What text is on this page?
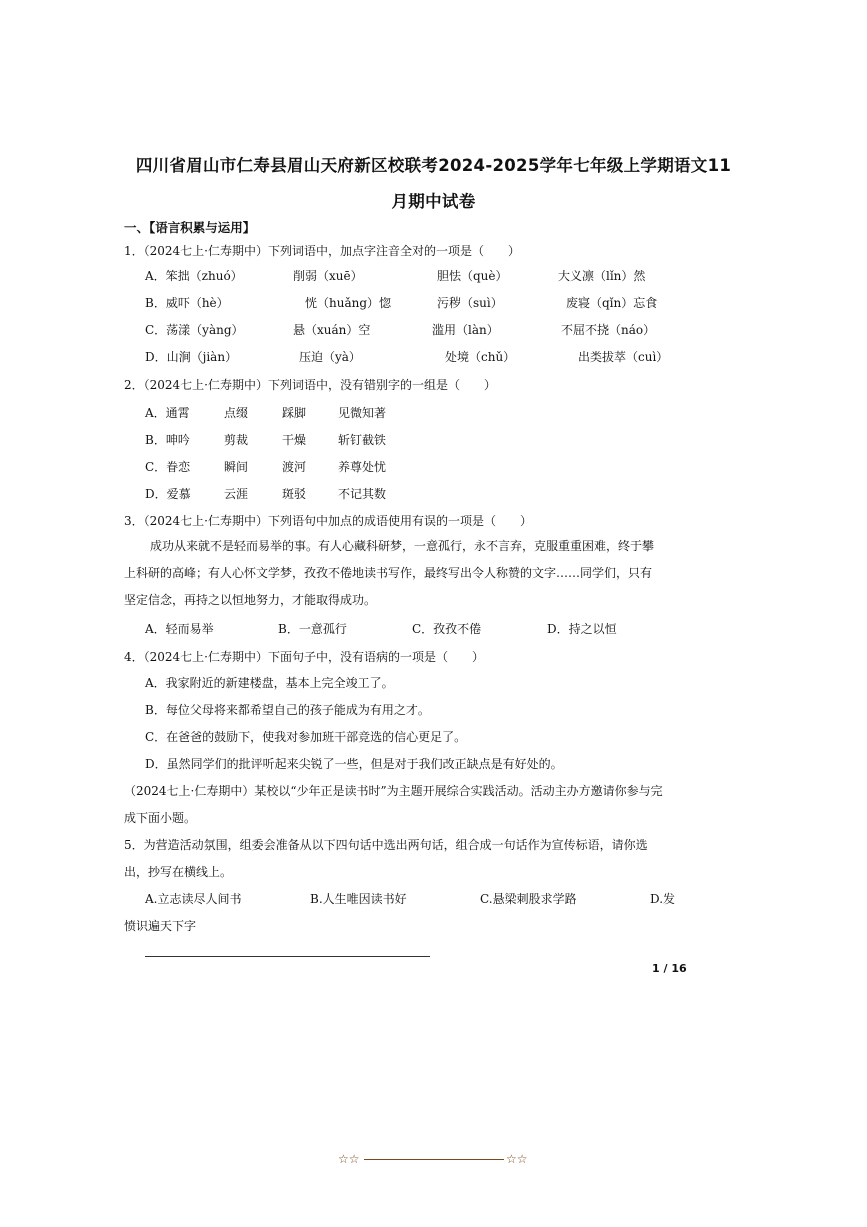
四川省眉山市仁寿县眉山天府新区校联考2024-2025学年七年级上学期语文11
月期中试卷
一、【语言积累与运用】
1．（2024七上·仁寿期中）下列词语中，加点字注音全对的一项是（　　）
A．笨拙（zhuó）	削弱（xuē）	胆怯（què）	大义凛（lǐn）然
B．威吓（hè）	恍（huǎng）惚	污秽（suì）	废寝（qǐn）忘食
C．荡漾（yàng）	悬（xuán）空	滥用（làn）	不屈不挠（náo）
D．山涧（jiàn）	压迫（yà）	处境（chǔ）	出类拔萃（cuì）
2．（2024七上·仁寿期中）下列词语中，没有错别字的一组是（　　）
A．通霄	点缀	踩脚	见微知著
B．呻吟	剪裁	干燥	斩钉截铁
C．眷恋	瞬间	渡河	养尊处忧
D．爱慕	云涯	斑驳	不记其数
3．（2024七上·仁寿期中）下列语句中加点的成语使用有误的一项是（　　）
成功从来就不是轻而易举的事。有人心藏科研梦，一意孤行，永不言弃，克服重重困难，终于攀
上科研的高峰；有人心怀文学梦，孜孜不倦地读书写作，最终写出令人称赞的文字……同学们，只有
坚定信念，再持之以恒地努力，才能取得成功。
A．轻而易举	B．一意孤行	C．孜孜不倦	D．持之以恒
4．（2024七上·仁寿期中）下面句子中，没有语病的一项是（　　）
A．我家附近的新建楼盘，基本上完全竣工了。
B．每位父母将来都希望自己的孩子能成为有用之才。
C．在爸爸的鼓励下，使我对参加班干部竞选的信心更足了。
D．虽然同学们的批评听起来尖锐了一些，但是对于我们改正缺点是有好处的。
（2024七上·仁寿期中）某校以“少年正是读书时”为主题开展综合实践活动。活动主办方邀请你参与完
成下面小题。
5．为营造活动氛围，组委会准备从以下四句话中选出两句话，组合成一句话作为宣传标语，请你选
出，抄写在横线上。
A.立志读尽人间书	B.人生唯因读书好	C.悬梁刺股求学路	D.发
愤识遍天下字
1 / 16
☆☆	☆☆
